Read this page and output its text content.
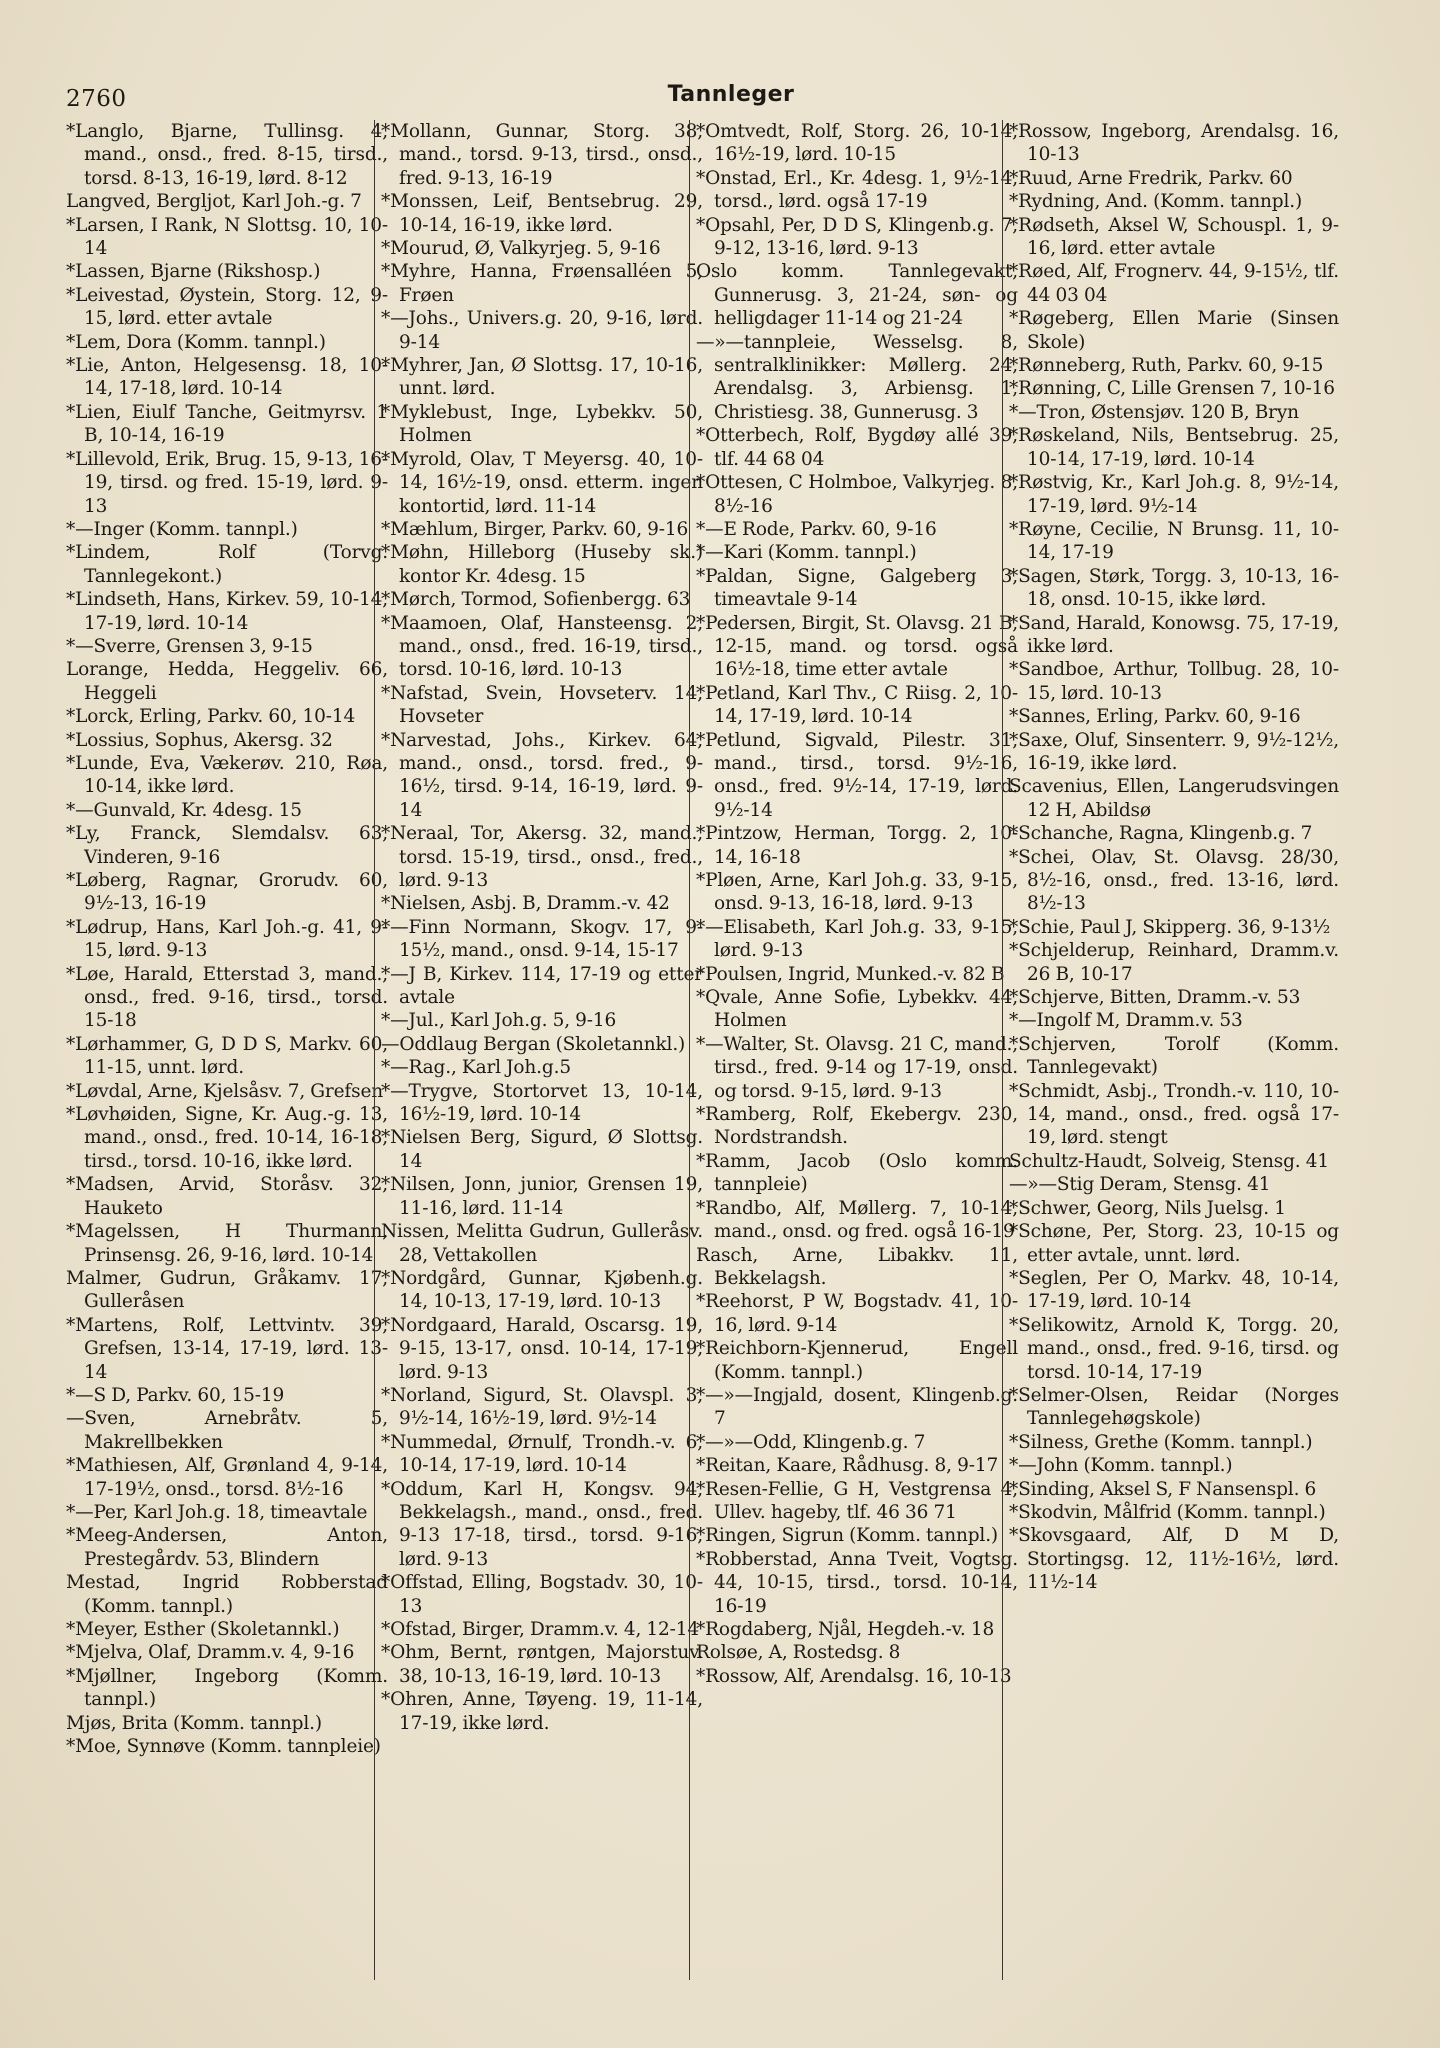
2760	Tannleger

*Langlo, Bjarne, Tullinsg. 4, mand., onsd., fred. 8-15, tirsd., torsd. 8-13, 16-19, lørd. 8-12

Langved, Bergljot, Karl Joh.-g. 7

*Larsen, I Rank, N Slottsg. 10, 10-14

*Lassen, Bjarne (Rikshosp.)

*Leivestad, Øystein, Storg. 12, 9-15, lørd. etter avtale

*Lem, Dora (Komm. tannpl.)

*Lie, Anton, Helgesensg. 18, 10-14, 17-18, lørd. 10-14

*Lien, Eiulf Tanche, Geitmyrsv. 1 B, 10-14, 16-19

*Lillevold, Erik, Brug. 15, 9-13, 16-19, tirsd. og fred. 15-19, lørd. 9-13

*—Inger (Komm. tannpl.)

*Lindem, Rolf (Torvg. Tannlegekont.)

*Lindseth, Hans, Kirkev. 59, 10-14, 17-19, lørd. 10-14

*—Sverre, Grensen 3, 9-15

Lorange, Hedda, Heggeliv. 66, Heggeli

*Lorck, Erling, Parkv. 60, 10-14

*Lossius, Sophus, Akersg. 32

*Lunde, Eva, Vækerøv. 210, Røa, 10-14, ikke lørd.

*—Gunvald, Kr. 4desg. 15

*Ly, Franck, Slemdalsv. 63, Vinderen, 9-16

*Løberg, Ragnar, Grorudv. 60, 9½-13, 16-19

*Lødrup, Hans, Karl Joh.-g. 41, 9-15, lørd. 9-13

*Løe, Harald, Etterstad 3, mand., onsd., fred. 9-16, tirsd., torsd. 15-18

*Lørhammer, G, D D S, Markv. 60, 11-15, unnt. lørd.

*Løvdal, Arne, Kjelsåsv. 7, Grefsen

*Løvhøiden, Signe, Kr. Aug.-g. 13, mand., onsd., fred. 10-14, 16-18, tirsd., torsd. 10-16, ikke lørd.

*Madsen, Arvid, Storåsv. 32, Hauketo

*Magelssen, H Thurmann, Prinsensg. 26, 9-16, lørd. 10-14

Malmer, Gudrun, Gråkamv. 17, Gulleråsen

*Martens, Rolf, Lettvintv. 39, Grefsen, 13-14, 17-19, lørd. 13-14

*—S D, Parkv. 60, 15-19

—Sven, Arnebråtv. 5, Makrellbekken

*Mathiesen, Alf, Grønland 4, 9-14, 17-19½, onsd., torsd. 8½-16

*—Per, Karl Joh.g. 18, timeavtale

*Meeg-Andersen, Anton, Prestegårdv. 53, Blindern

Mestad, Ingrid Robberstad (Komm. tannpl.)

*Meyer, Esther (Skoletannkl.)

*Mjelva, Olaf, Dramm.v. 4, 9-16

*Mjøllner, Ingeborg (Komm. tannpl.)

Mjøs, Brita (Komm. tannpl.)

*Moe, Synnøve (Komm. tannpleie)

*Mollann, Gunnar, Storg. 38, mand., torsd. 9-13, tirsd., onsd., fred. 9-13, 16-19

*Monssen, Leif, Bentsebrug. 29, 10-14, 16-19, ikke lørd.

*Mourud, Ø, Valkyrjeg. 5, 9-16

*Myhre, Hanna, Frøensalléen 5, Frøen

*—Johs., Univers.g. 20, 9-16, lørd. 9-14

*Myhrer, Jan, Ø Slottsg. 17, 10-16, unnt. lørd.

*Myklebust, Inge, Lybekkv. 50, Holmen

*Myrold, Olav, T Meyersg. 40, 10-14, 16½-19, onsd. etterm. ingen kontortid, lørd. 11-14

*Mæhlum, Birger, Parkv. 60, 9-16

*Møhn, Hilleborg (Huseby sk.) kontor Kr. 4desg. 15

*Mørch, Tormod, Sofienbergg. 63

*Maamoen, Olaf, Hansteensg. 2, mand., onsd., fred. 16-19, tirsd., torsd. 10-16, lørd. 10-13

*Nafstad, Svein, Hovseterv. 14, Hovseter

*Narvestad, Johs., Kirkev. 64, mand., onsd., torsd. fred., 9-16½, tirsd. 9-14, 16-19, lørd. 9-14

*Neraal, Tor, Akersg. 32, mand., torsd. 15-19, tirsd., onsd., fred., lørd. 9-13

*Nielsen, Asbj. B, Dramm.-v. 42

*—Finn Normann, Skogv. 17, 9-15½, mand., onsd. 9-14, 15-17

*—J B, Kirkev. 114, 17-19 og etter avtale

*—Jul., Karl Joh.g. 5, 9-16

—Oddlaug Bergan (Skoletannkl.)

*—Rag., Karl Joh.g.5

*—Trygve, Stortorvet 13, 10-14, 16½-19, lørd. 10-14

*Nielsen Berg, Sigurd, Ø Slottsg. 14

*Nilsen, Jonn, junior, Grensen 19, 11-16, lørd. 11-14

Nissen, Melitta Gudrun, Gulleråsv. 28, Vettakollen

*Nordgård, Gunnar, Kjøbenh.g. 14, 10-13, 17-19, lørd. 10-13

*Nordgaard, Harald, Oscarsg. 19, 9-15, 13-17, onsd. 10-14, 17-19, lørd. 9-13

*Norland, Sigurd, St. Olavspl. 3, 9½-14, 16½-19, lørd. 9½-14

*Nummedal, Ørnulf, Trondh.-v. 6, 10-14, 17-19, lørd. 10-14

*Oddum, Karl H, Kongsv. 94, Bekkelagsh., mand., onsd., fred. 9-13 17-18, tirsd., torsd. 9-16, lørd. 9-13

*Offstad, Elling, Bogstadv. 30, 10-13

*Ofstad, Birger, Dramm.v. 4, 12-14

*Ohm, Bernt, røntgen, Majorstuv. 38, 10-13, 16-19, lørd. 10-13

*Ohren, Anne, Tøyeng. 19, 11-14, 17-19, ikke lørd.

*Omtvedt, Rolf, Storg. 26, 10-14, 16½-19, lørd. 10-15

*Onstad, Erl., Kr. 4desg. 1, 9½-14, torsd., lørd. også 17-19

*Opsahl, Per, D D S, Klingenb.g. 7, 9-12, 13-16, lørd. 9-13

Oslo komm. Tannlegevakt, Gunnerusg. 3, 21-24, søn- og helligdager 11-14 og 21-24

—»—tannpleie, Wesselsg. 8, sentralklinikker: Møllerg. 24, Arendalsg. 3, Arbiensg. 1, Christiesg. 38, Gunnerusg. 3

*Otterbech, Rolf, Bygdøy allé 39, tlf. 44 68 04

*Ottesen, C Holmboe, Valkyrjeg. 8, 8½-16

*—E Rode, Parkv. 60, 9-16

*—Kari (Komm. tannpl.)

*Paldan, Signe, Galgeberg 3, timeavtale 9-14

*Pedersen, Birgit, St. Olavsg. 21 B, 12-15, mand. og torsd. også 16½-18, time etter avtale

*Petland, Karl Thv., C Riisg. 2, 10-14, 17-19, lørd. 10-14

*Petlund, Sigvald, Pilestr. 31, mand., tirsd., torsd. 9½-16, onsd., fred. 9½-14, 17-19, lørd. 9½-14

*Pintzow, Herman, Torgg. 2, 10-14, 16-18

*Pløen, Arne, Karl Joh.g. 33, 9-15, onsd. 9-13, 16-18, lørd. 9-13

*—Elisabeth, Karl Joh.g. 33, 9-15, lørd. 9-13

*Poulsen, Ingrid, Munked.-v. 82 B

*Qvale, Anne Sofie, Lybekkv. 44, Holmen

*—Walter, St. Olavsg. 21 C, mand., tirsd., fred. 9-14 og 17-19, onsd. og torsd. 9-15, lørd. 9-13

*Ramberg, Rolf, Ekebergv. 230, Nordstrandsh.

*Ramm, Jacob (Oslo komm. tannpleie)

*Randbo, Alf, Møllerg. 7, 10-14, mand., onsd. og fred. også 16-19

Rasch, Arne, Libakkv. 11, Bekkelagsh.

*Reehorst, P W, Bogstadv. 41, 10-16, lørd. 9-14

*Reichborn-Kjennerud, Engell (Komm. tannpl.)

*—»—Ingjald, dosent, Klingenb.g. 7

*—»—Odd, Klingenb.g. 7

*Reitan, Kaare, Rådhusg. 8, 9-17

*Resen-Fellie, G H, Vestgrensa 4, Ullev. hageby, tlf. 46 36 71

*Ringen, Sigrun (Komm. tannpl.)

*Robberstad, Anna Tveit, Vogtsg. 44, 10-15, tirsd., torsd. 10-14, 16-19

*Rogdaberg, Njål, Hegdeh.-v. 18

Rolsøe, A, Rostedsg. 8

*Rossow, Alf, Arendalsg. 16, 10-13

*Rossow, Ingeborg, Arendalsg. 16, 10-13

*Ruud, Arne Fredrik, Parkv. 60

*Rydning, And. (Komm. tannpl.)

*Rødseth, Aksel W, Schouspl. 1, 9-16, lørd. etter avtale

*Røed, Alf, Frognerv. 44, 9-15½, tlf. 44 03 04

*Røgeberg, Ellen Marie (Sinsen Skole)

*Rønneberg, Ruth, Parkv. 60, 9-15

*Rønning, C, Lille Grensen 7, 10-16

*—Tron, Østensjøv. 120 B, Bryn

*Røskeland, Nils, Bentsebrug. 25, 10-14, 17-19, lørd. 10-14

*Røstvig, Kr., Karl Joh.g. 8, 9½-14, 17-19, lørd. 9½-14

*Røyne, Cecilie, N Brunsg. 11, 10-14, 17-19

*Sagen, Størk, Torgg. 3, 10-13, 16-18, onsd. 10-15, ikke lørd.

*Sand, Harald, Konowsg. 75, 17-19, ikke lørd.

*Sandboe, Arthur, Tollbug. 28, 10-15, lørd. 10-13

*Sannes, Erling, Parkv. 60, 9-16

*Saxe, Oluf, Sinsenterr. 9, 9½-12½, 16-19, ikke lørd.

Scavenius, Ellen, Langerudsvingen 12 H, Abildsø

*Schanche, Ragna, Klingenb.g. 7

*Schei, Olav, St. Olavsg. 28/30, 8½-16, onsd., fred. 13-16, lørd. 8½-13

*Schie, Paul J, Skipperg. 36, 9-13½

*Schjelderup, Reinhard, Dramm.v. 26 B, 10-17

*Schjerve, Bitten, Dramm.-v. 53

*—Ingolf M, Dramm.v. 53

*Schjerven, Torolf (Komm. Tannlegevakt)

*Schmidt, Asbj., Trondh.-v. 110, 10-14, mand., onsd., fred. også 17-19, lørd. stengt

Schultz-Haudt, Solveig, Stensg. 41

—»—Stig Deram, Stensg. 41

*Schwer, Georg, Nils Juelsg. 1

*Schøne, Per, Storg. 23, 10-15 og etter avtale, unnt. lørd.

*Seglen, Per O, Markv. 48, 10-14, 17-19, lørd. 10-14

*Selikowitz, Arnold K, Torgg. 20, mand., onsd., fred. 9-16, tirsd. og torsd. 10-14, 17-19

*Selmer-Olsen, Reidar (Norges Tannlegehøgskole)

*Silness, Grethe (Komm. tannpl.)

*—John (Komm. tannpl.)

*Sinding, Aksel S, F Nansenspl. 6

*Skodvin, Målfrid (Komm. tannpl.)

*Skovsgaard, Alf, D M D, Stortingsg. 12, 11½-16½, lørd. 11½-14
